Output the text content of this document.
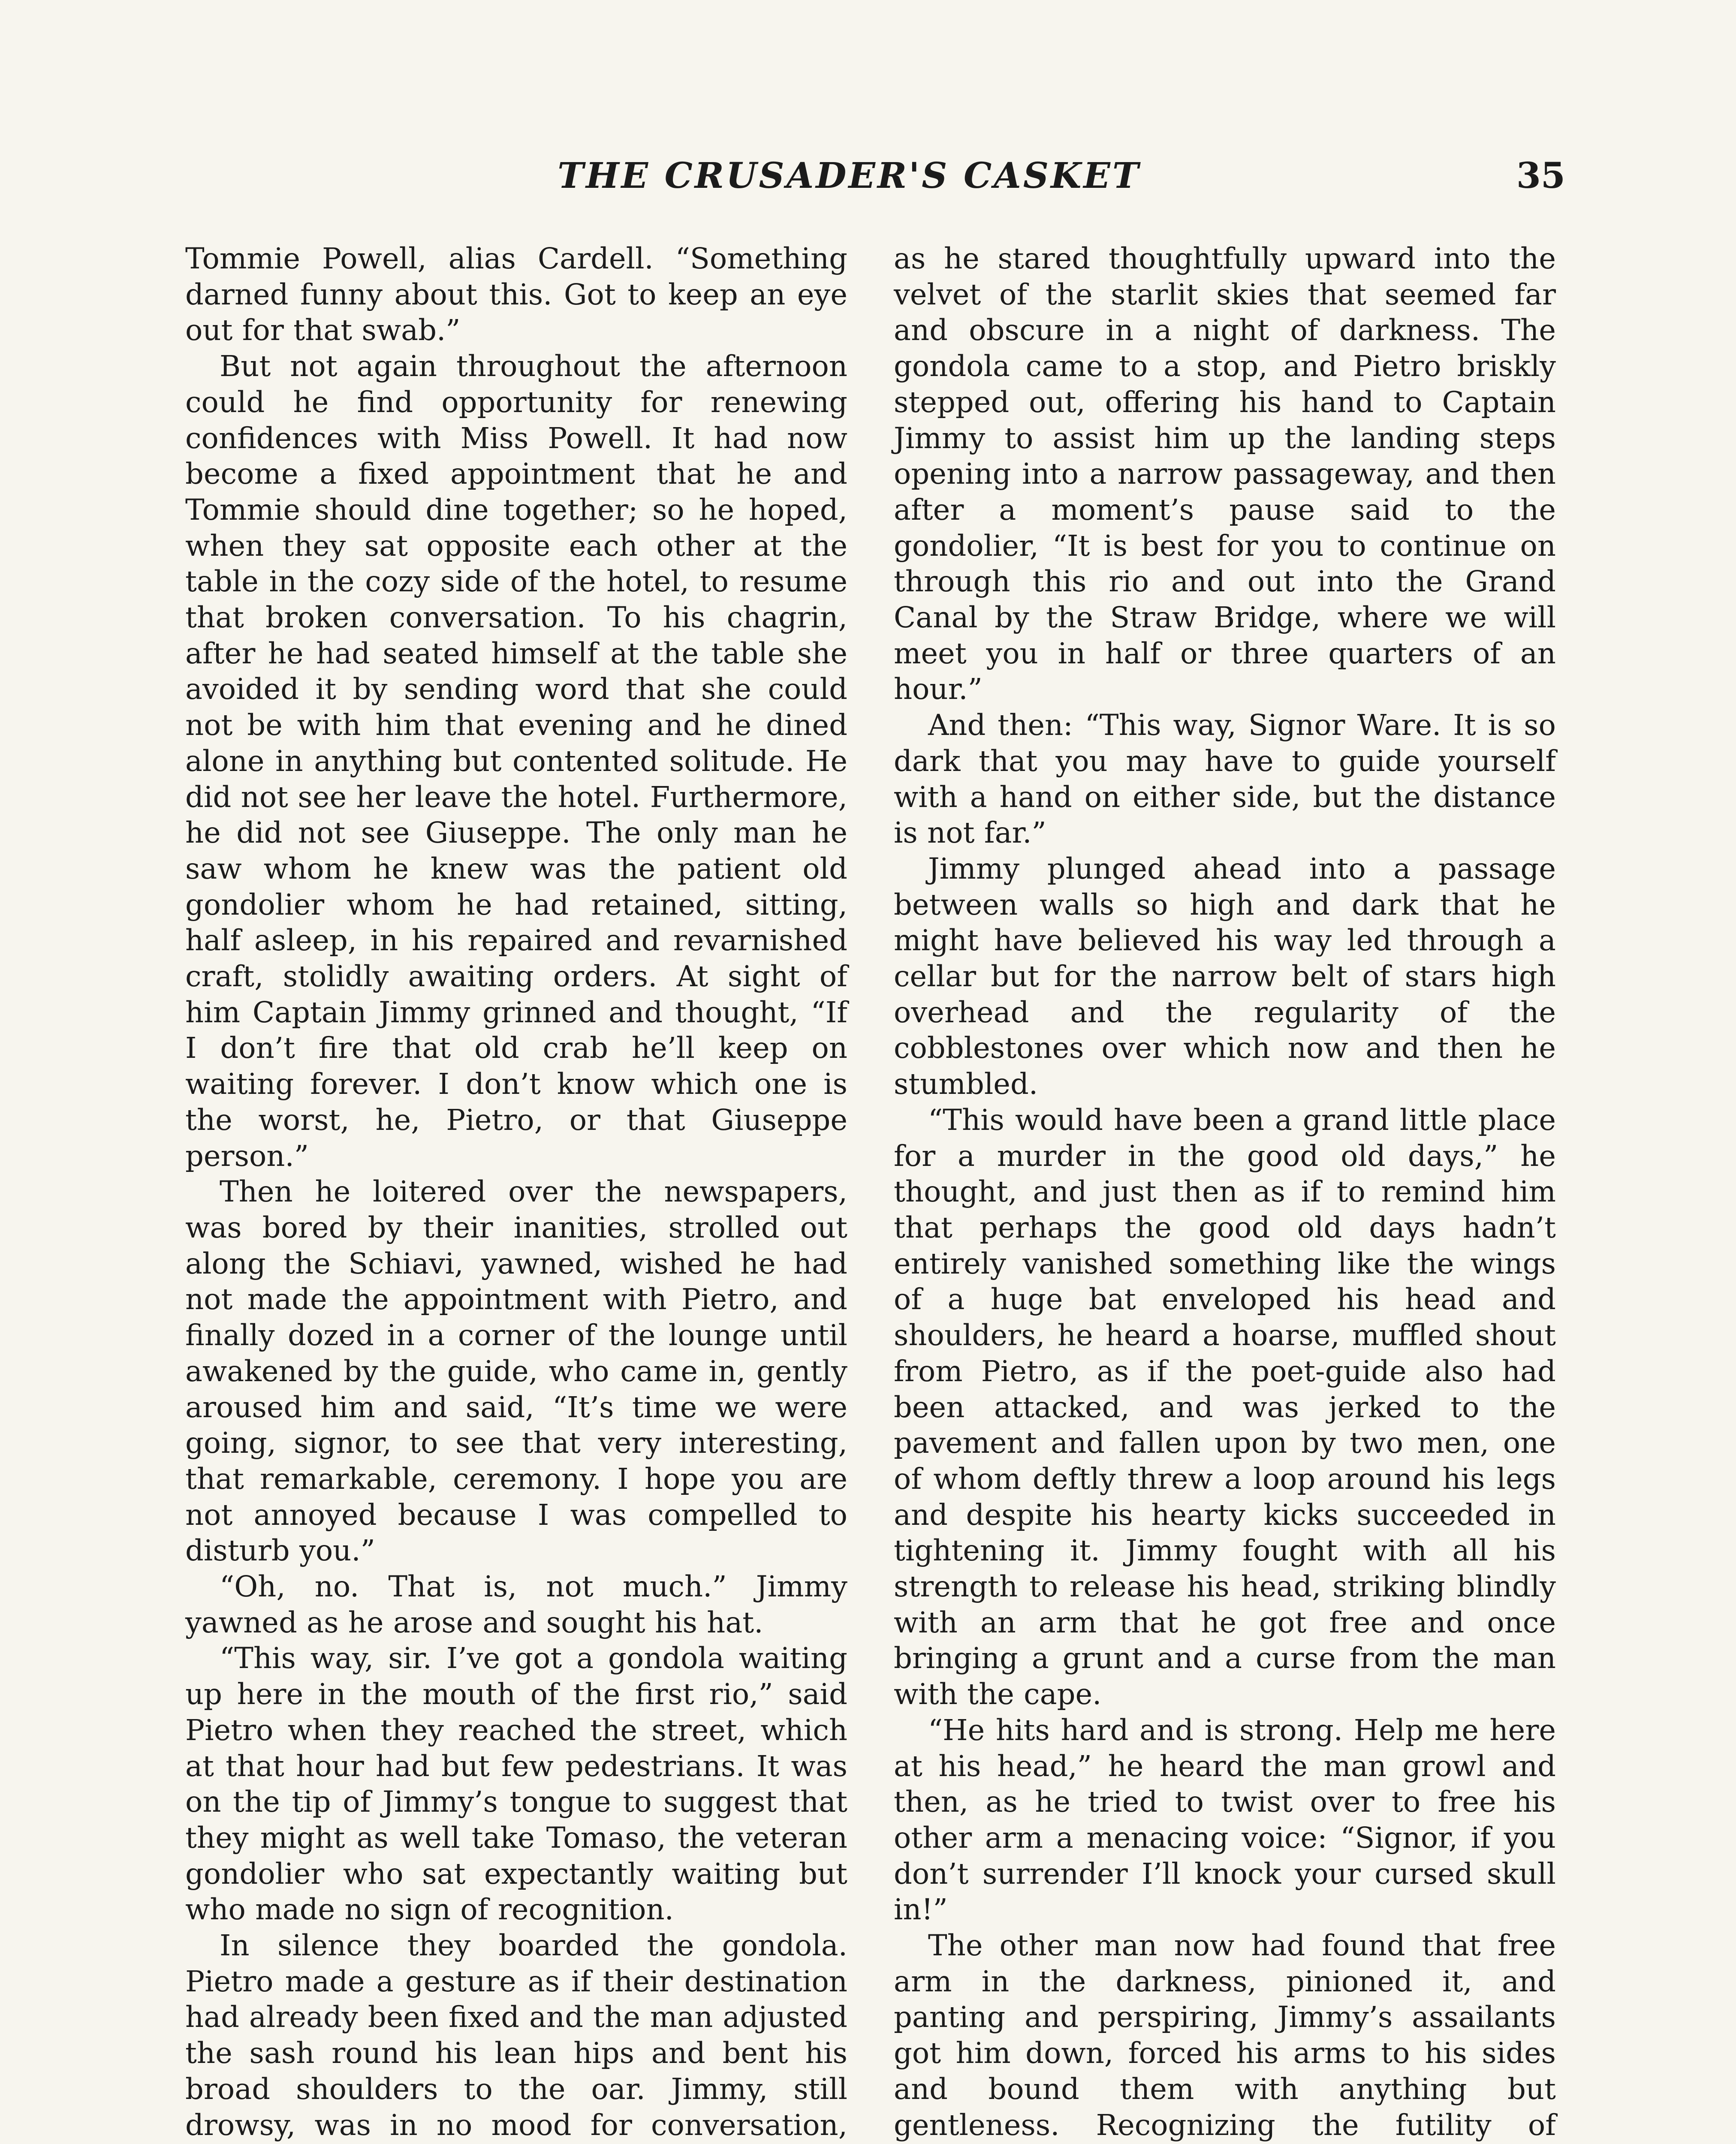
THE CRUSADER'S CASKET	35

Tommie Powell, alias Cardell. “Something darned funny about this. Got to keep an eye out for that swab.”

But not again throughout the afternoon could he find opportunity for renewing confidences with Miss Powell. It had now become a fixed appointment that he and Tommie should dine together; so he hoped, when they sat opposite each other at the table in the cozy side of the hotel, to resume that broken conversation. To his chagrin, after he had seated himself at the table she avoided it by sending word that she could not be with him that evening and he dined alone in anything but contented solitude. He did not see her leave the hotel. Furthermore, he did not see Giuseppe. The only man he saw whom he knew was the patient old gondolier whom he had retained, sitting, half asleep, in his repaired and revarnished craft, stolidly awaiting orders. At sight of him Captain Jimmy grinned and thought, “If I don’t fire that old crab he’ll keep on waiting forever. I don’t know which one is the worst, he, Pietro, or that Giuseppe person.”

Then he loitered over the newspapers, was bored by their inanities, strolled out along the Schiavi, yawned, wished he had not made the appointment with Pietro, and finally dozed in a corner of the lounge until awakened by the guide, who came in, gently aroused him and said, “It’s time we were going, signor, to see that very interesting, that remarkable, ceremony. I hope you are not annoyed because I was compelled to disturb you.”

“Oh, no. That is, not much.” Jimmy yawned as he arose and sought his hat.

“This way, sir. I’ve got a gondola waiting up here in the mouth of the first rio,” said Pietro when they reached the street, which at that hour had but few pedestrians. It was on the tip of Jimmy’s tongue to suggest that they might as well take Tomaso, the veteran gondolier who sat expectantly waiting but who made no sign of recognition.

In silence they boarded the gondola. Pietro made a gesture as if their destination had already been fixed and the man adjusted the sash round his lean hips and bent his broad shoulders to the oar. Jimmy, still drowsy, was in no mood for conversation,

as he stared thoughtfully upward into the velvet of the starlit skies that seemed far and obscure in a night of darkness. The gondola came to a stop, and Pietro briskly stepped out, offering his hand to Captain Jimmy to assist him up the landing steps opening into a narrow passageway, and then after a moment’s pause said to the gondolier, “It is best for you to continue on through this rio and out into the Grand Canal by the Straw Bridge, where we will meet you in half or three quarters of an hour.”

And then: “This way, Signor Ware. It is so dark that you may have to guide yourself with a hand on either side, but the distance is not far.”

Jimmy plunged ahead into a passage between walls so high and dark that he might have believed his way led through a cellar but for the narrow belt of stars high overhead and the regularity of the cobblestones over which now and then he stumbled.

“This would have been a grand little place for a murder in the good old days,” he thought, and just then as if to remind him that perhaps the good old days hadn’t entirely vanished something like the wings of a huge bat enveloped his head and shoulders, he heard a hoarse, muffled shout from Pietro, as if the poet-guide also had been attacked, and was jerked to the pavement and fallen upon by two men, one of whom deftly threw a loop around his legs and despite his hearty kicks succeeded in tightening it. Jimmy fought with all his strength to release his head, striking blindly with an arm that he got free and once bringing a grunt and a curse from the man with the cape.

“He hits hard and is strong. Help me here at his head,” he heard the man growl and then, as he tried to twist over to free his other arm a menacing voice: “Signor, if you don’t surrender I’ll knock your cursed skull in!”

The other man now had found that free arm in the darkness, pinioned it, and panting and perspiring, Jimmy’s assailants got him down, forced his arms to his sides and bound them with anything but gentleness. Recognizing the futility of
